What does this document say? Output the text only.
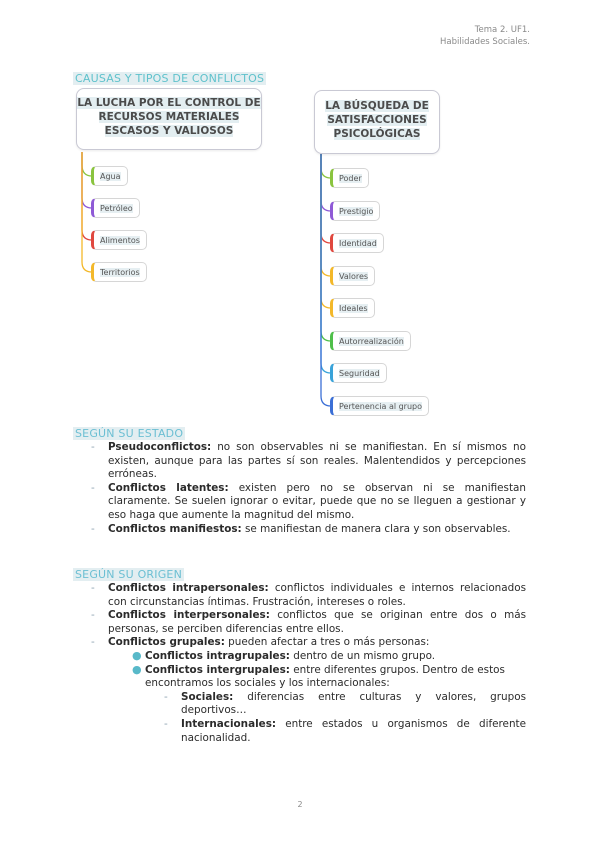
Tema 2. UF1.
Habilidades Sociales.
CAUSAS Y TIPOS DE CONFLICTOS
LA LUCHA POR EL CONTROL DE RECURSOS MATERIALES ESCASOS Y VALIOSOS
LA BÚSQUEDA DE SATISFACCIONES PSICOLÓGICAS
Agua
Petróleo
Alimentos
Territorios
Poder
Prestigio
Identidad
Valores
Ideales
Autorrealización
Seguridad
Pertenencia al grupo
SEGÚN SU ESTADO
- Pseudoconflictos: no son observables ni se manifiestan. En sí mismos no existen, aunque para las partes sí son reales. Malentendidos y percepciones erróneas.
- Conflictos latentes: existen pero no se observan ni se manifiestan claramente. Se suelen ignorar o evitar, puede que no se lleguen a gestionar y eso haga que aumente la magnitud del mismo.
- Conflictos manifiestos: se manifiestan de manera clara y son observables.
SEGÚN SU ORIGEN
- Conflictos intrapersonales: conflictos individuales e internos relacionados con circunstancias íntimas. Frustración, intereses o roles.
- Conflictos interpersonales: conflictos que se originan entre dos o más personas, se perciben diferencias entre ellos.
- Conflictos grupales: pueden afectar a tres o más personas:
● Conflictos intragrupales: dentro de un mismo grupo.
● Conflictos intergrupales: entre diferentes grupos. Dentro de estos encontramos los sociales y los internacionales:
- Sociales: diferencias entre culturas y valores, grupos deportivos…
- Internacionales: entre estados u organismos de diferente nacionalidad.
2
